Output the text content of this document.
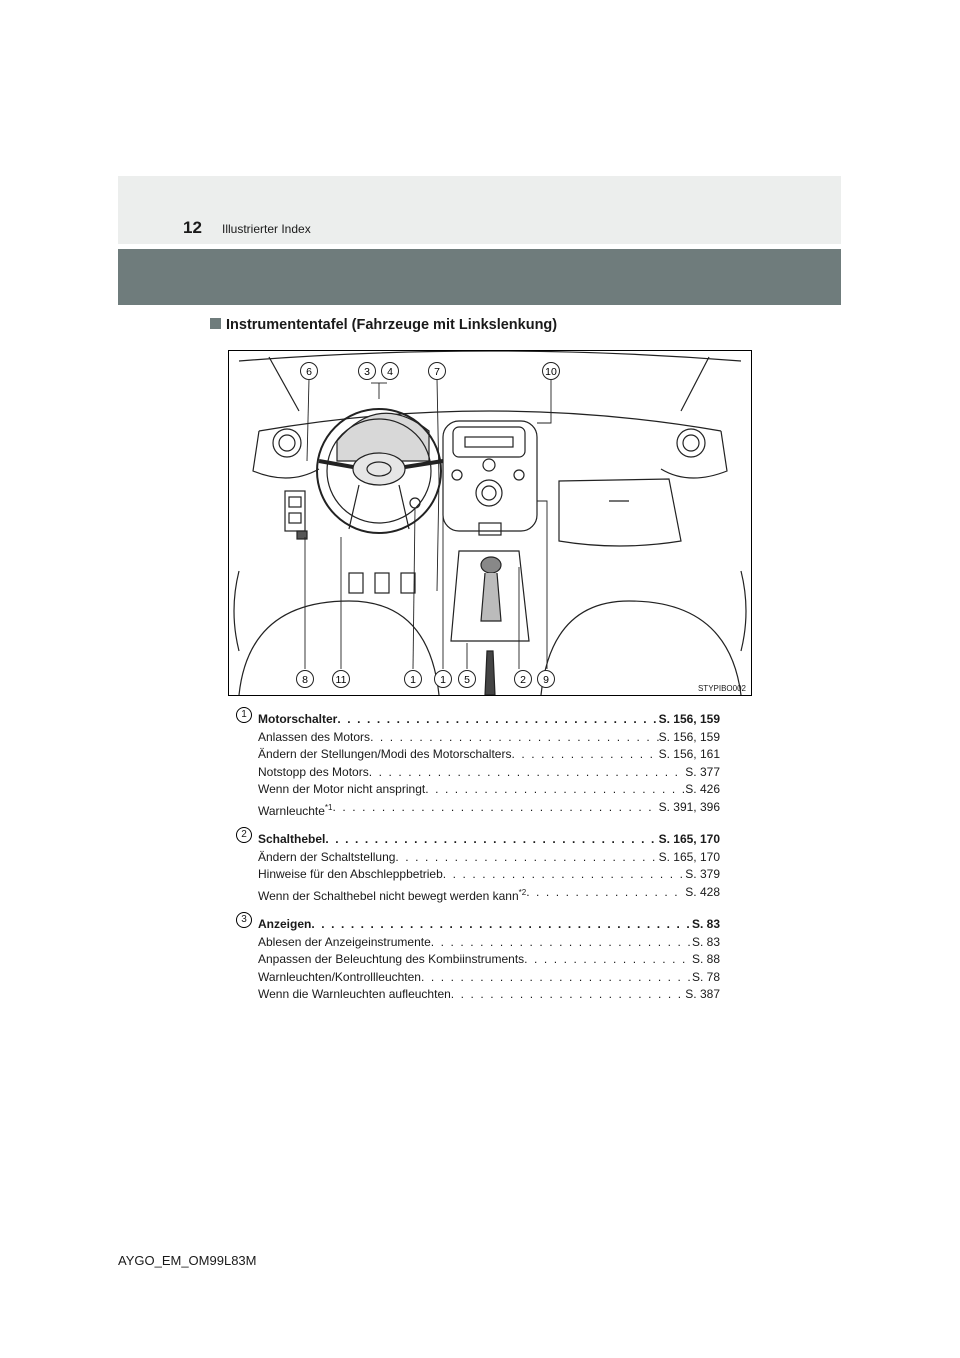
12 Illustrierter Index
Instrumententafel (Fahrzeuge mit Linkslenkung)
6	3 4	7	10
8	11	1 1 5	2 9
STYPIBO002
1 Motorschalter . . .	S. 156, 159
Anlassen des Motors . . .	S. 156, 159
Ändern der Stellungen/Modi des Motorschalters . . .	S. 156, 161
Notstopp des Motors . . .	S. 377
Wenn der Motor nicht anspringt . . .	S. 426
Warnleuchte$^{*1}$ . . .	S. 391, 396
2 Schalthebel . . .	S. 165, 170
Ändern der Schaltstellung . . .	S. 165, 170
Hinweise für den Abschleppbetrieb . . .	S. 379
Wenn der Schalthebel nicht bewegt werden kann$^{*2}$ . . .	S. 428
3 Anzeigen . . .	S. 83
Ablesen der Anzeigeinstrumente . . .	S. 83
Anpassen der Beleuchtung des Kombiinstruments . . .	S. 88
Warnleuchten/Kontrollleuchten . . .	S. 78
Wenn die Warnleuchten aufleuchten . . .	S. 387
AYGO_EM_OM99L83M
